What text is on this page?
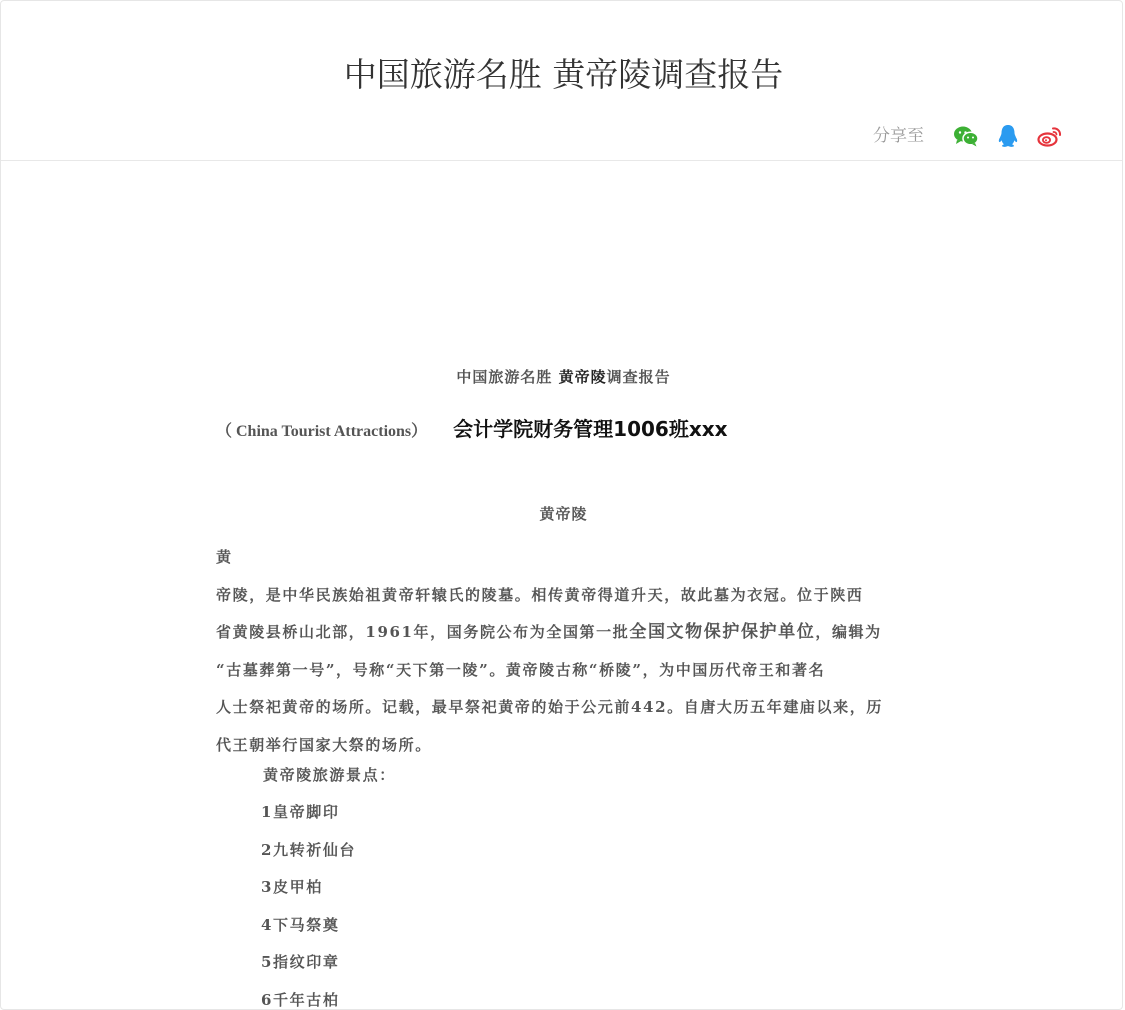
中国旅游名胜 黄帝陵调查报告
分享至
中国旅游名胜 黄帝陵调查报告
（ China Tourist Attractions） 会计学院财务管理1006班xxx
黄帝陵
黄
帝陵，是中华民族始祖黄帝轩辕氏的陵墓。相传黄帝得道升天，故此墓为衣冠。位于陕西
省黄陵县桥山北部，1961年，国务院公布为全国第一批全国文物保护保护单位，编辑为
“古墓葬第一号”，号称“天下第一陵”。黄帝陵古称“桥陵”，为中国历代帝王和著名
人士祭祀黄帝的场所。记载，最早祭祀黄帝的始于公元前442。自唐大历五年建庙以来，历
代王朝举行国家大祭的场所。
黄帝陵旅游景点：
1皇帝脚印
2九转祈仙台
3皮甲柏
4下马祭奠
5指纹印章
6千年古柏
